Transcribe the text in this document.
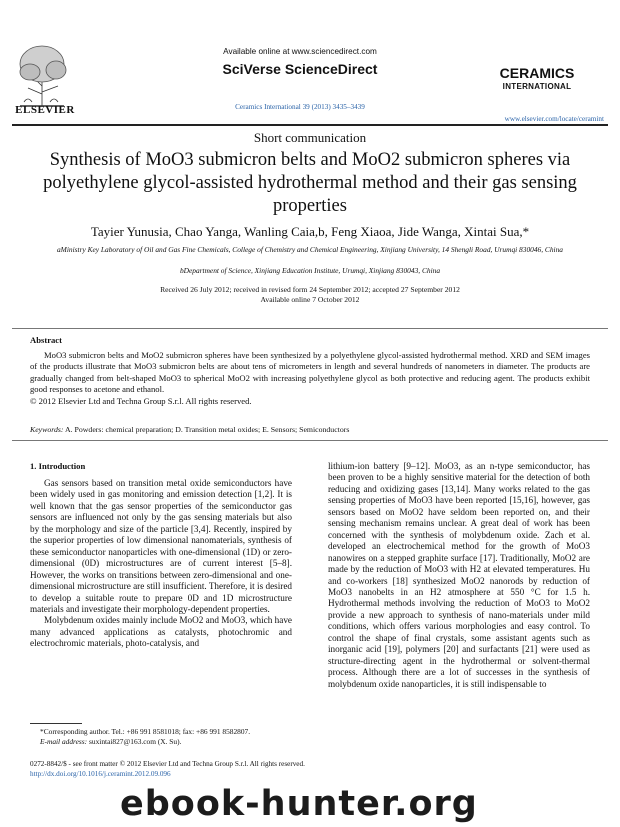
ELSEVIER
Available online at www.sciencedirect.com
SciVerse ScienceDirect
Ceramics International 39 (2013) 3435–3439
CERAMICS
INTERNATIONAL
www.elsevier.com/locate/ceramint
Short communication
Synthesis of MoO3 submicron belts and MoO2 submicron spheres via polyethylene glycol-assisted hydrothermal method and their gas sensing properties
Tayier Yunusia, Chao Yanga, Wanling Caia,b, Feng Xiaoa, Jide Wanga, Xintai Sua,*
aMinistry Key Laboratory of Oil and Gas Fine Chemicals, College of Chemistry and Chemical Engineering, Xinjiang University, 14 Shengli Road, Urumqi 830046, China
bDepartment of Science, Xinjiang Education Institute, Urumqi, Xinjiang 830043, China
Received 26 July 2012; received in revised form 24 September 2012; accepted 27 September 2012
Available online 7 October 2012
Abstract

MoO3 submicron belts and MoO2 submicron spheres have been synthesized by a polyethylene glycol-assisted hydrothermal method. XRD and SEM images of the products illustrate that MoO3 submicron belts are about tens of micrometers in length and several hundreds of nanometers in diameter. The products are gradually changed from belt-shaped MoO3 to spherical MoO2 with increasing polyethylene glycol as both protective and reducing agent. The products exhibit good responses to acetone and ethanol.

© 2012 Elsevier Ltd and Techna Group S.r.l. All rights reserved.
Keywords: A. Powders: chemical preparation; D. Transition metal oxides; E. Sensors; Semiconductors
1. Introduction

Gas sensors based on transition metal oxide semiconductors have been widely used in gas monitoring and emission detection [1,2]. It is well known that the gas sensor properties of the semiconductor gas sensors are influenced not only by the gas sensing materials but also by the morphology and size of the particle [3,4]. Recently, inspired by the superior properties of low dimensional nanomaterials, synthesis of these semiconductor nanoparticles with one-dimensional (1D) or zero-dimensional (0D) microstructures are of current interest [5–8]. However, the works on transitions between zero-dimensional and one-dimensional microstructure are still insufficient. Therefore, it is desired to develop a suitable route to prepare 0D and 1D microstructure materials and investigate their morphology-dependent properties.

Molybdenum oxides mainly include MoO2 and MoO3, which have many advanced applications as catalysts, photochromic and electrochromic materials, photo-catalysis, and

lithium-ion battery [9–12]. MoO3, as an n-type semiconductor, has been proven to be a highly sensitive material for the detection of both reducing and oxidizing gases [13,14]. Many works related to the gas sensing properties of MoO3 have been reported [15,16], however, gas sensors based on MoO2 have seldom been reported on, and their sensing mechanism remains unclear. A great deal of work has been concerned with the synthesis of molybdenum oxide. Zach et al. developed an electrochemical method for the growth of MoO3 nanowires on a stepped graphite surface [17]. Traditionally, MoO2 are made by the reduction of MoO3 with H2 at elevated temperatures. Hu and co-workers [18] synthesized MoO2 nanorods by reduction of MoO3 nanobelts in an H2 atmosphere at 550 °C for 1.5 h. Hydrothermal methods involving the reduction of MoO3 to MoO2 provide a new approach to synthesis of nano-materials under mild conditions, which offers various morphologies and easy control. To control the shape of final crystals, some assistant agents such as inorganic acid [19], polymers [20] and surfactants [21] were used as structure-directing agent in the hydrothermal or solvent-thermal process. Although there are a lot of successes in the synthesis of molybdenum oxide nanoparticles, it is still indispensable to

*Corresponding author. Tel.: +86 991 8581018; fax: +86 991 8582807.
E-mail address: suxintai827@163.com (X. Su).
0272-8842/$ - see front matter © 2012 Elsevier Ltd and Techna Group S.r.l. All rights reserved.
http://dx.doi.org/10.1016/j.ceramint.2012.09.096
ebook-hunter.org
